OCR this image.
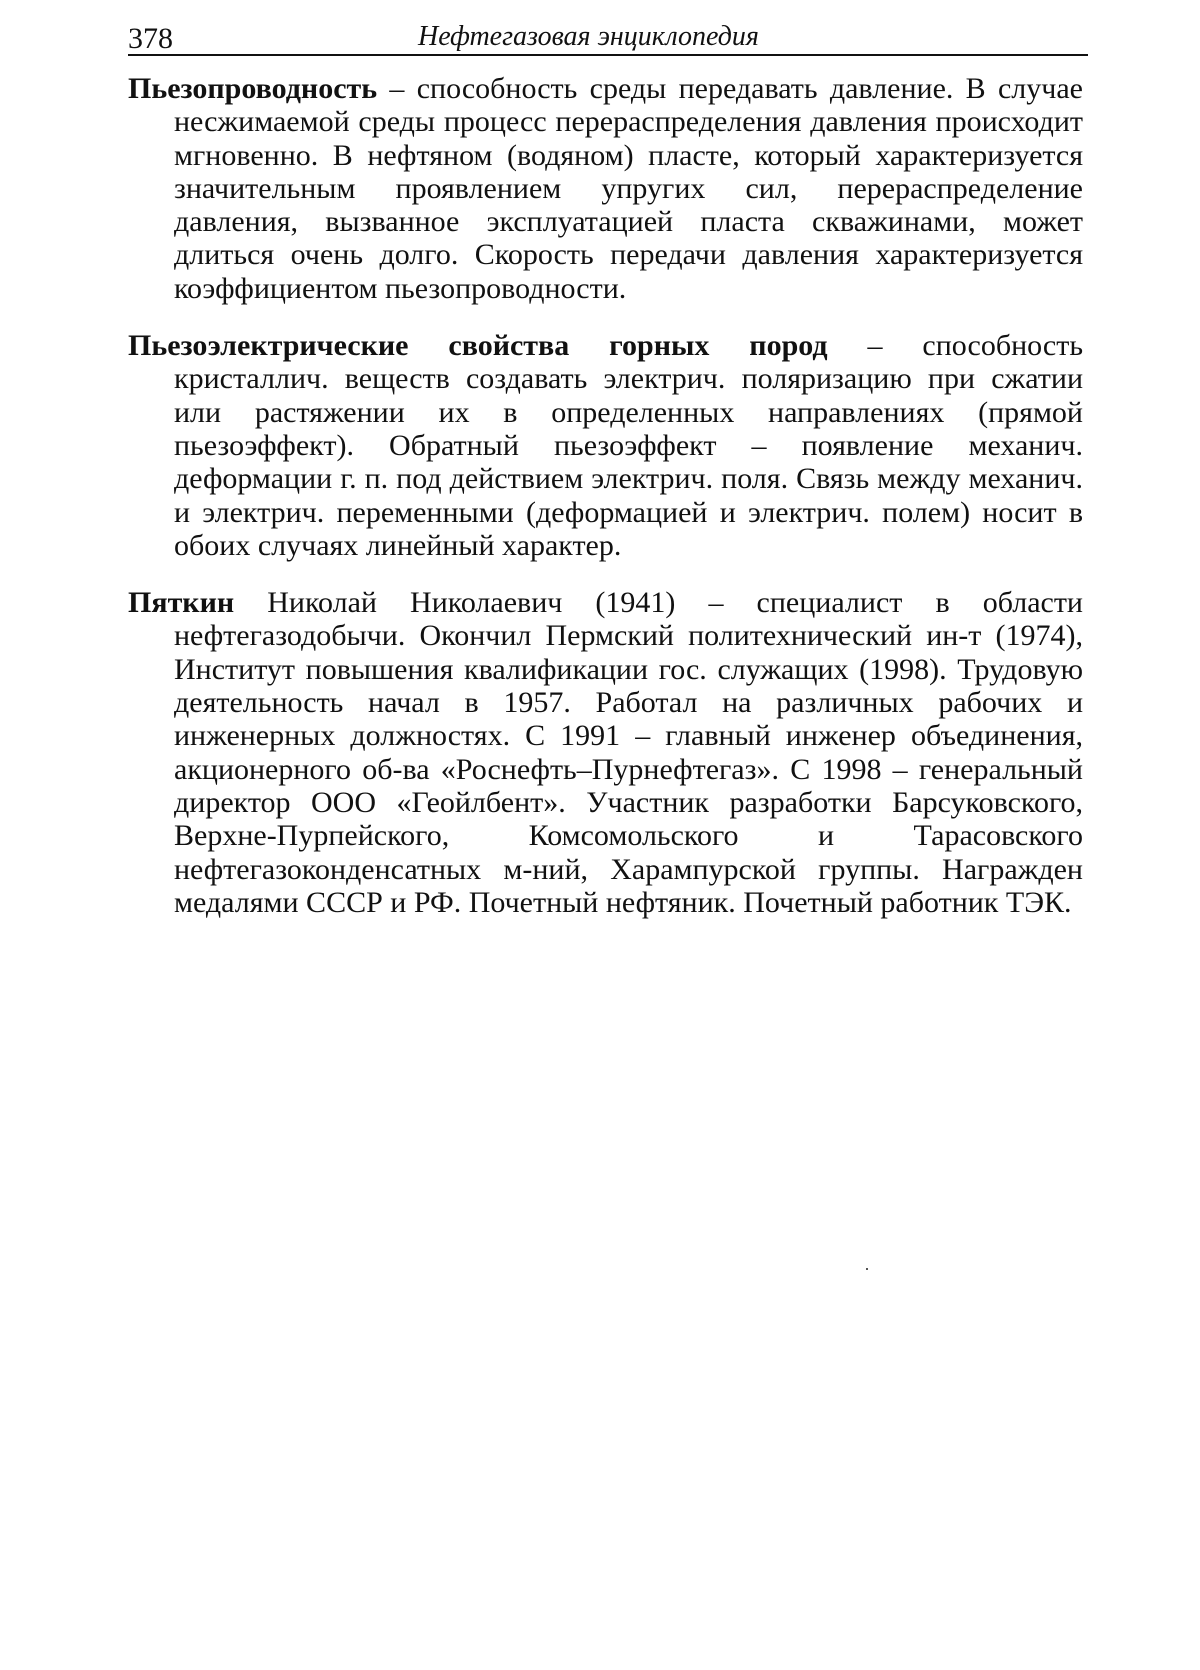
378	Нефтегазовая энциклопедия

Пьезопроводность – способность среды передавать давление. В случае несжимаемой среды процесс перераспределения давления происходит мгновенно. В нефтяном (водяном) пласте, который характеризуется значительным проявлением упругих сил, перераспределение давления, вызванное эксплуатацией пласта скважинами, может длиться очень долго. Скорость передачи давления характеризуется коэффициентом пьезопроводности.

Пьезоэлектрические свойства горных пород – способность кристаллич. веществ создавать электрич. поляризацию при сжатии или растяжении их в определенных направлениях (прямой пьезоэффект). Обратный пьезоэффект – появление механич. деформации г. п. под действием электрич. поля. Связь между механич. и электрич. переменными (деформацией и электрич. полем) носит в обоих случаях линейный характер.

Пяткин Николай Николаевич (1941) – специалист в области нефтегазодобычи. Окончил Пермский политехнический ин-т (1974), Институт повышения квалификации гос. служащих (1998). Трудовую деятельность начал в 1957. Работал на различных рабочих и инженерных должностях. С 1991 – главный инженер объединения, акционерного об-ва «Роснефть–Пурнефтегаз». С 1998 – генеральный директор ООО «Геойлбент». Участник разработки Барсуковского, Верхне-Пурпейского, Комсомольского и Тарасовского нефтегазоконденсатных м-ний, Харампурской группы. Награжден медалями СССР и РФ. Почетный нефтяник. Почетный работник ТЭК.
